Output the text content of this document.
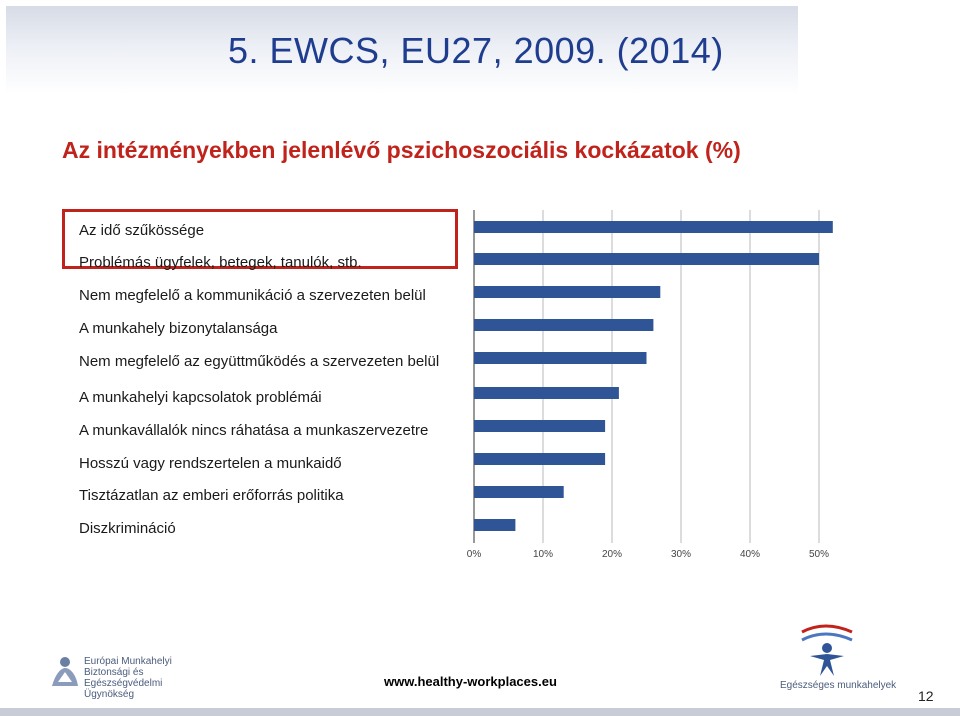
5. EWCS, EU27, 2009. (2014)
Az intézményekben jelenlévő pszichoszociális kockázatok (%)
Az idő szűkössége
Problémás ügyfelek, betegek, tanulók, stb.
Nem megfelelő a kommunikáció a szervezeten belül
A munkahely bizonytalansága
Nem megfelelő az együttműködés a szervezeten belül
A munkahelyi kapcsolatok problémái
A munkavállalók nincs ráhatása a munkaszervezetre
Hosszú vagy rendszertelen a munkaidő
Tisztázatlan az emberi erőforrás politika
Diszkrimináció
0%	10%	20%	30%	40%	50%
Európai Munkahelyi Biztonsági és Egészségvédelmi Ügynökség
www.healthy-workplaces.eu	Egészséges munkahelyek
12
